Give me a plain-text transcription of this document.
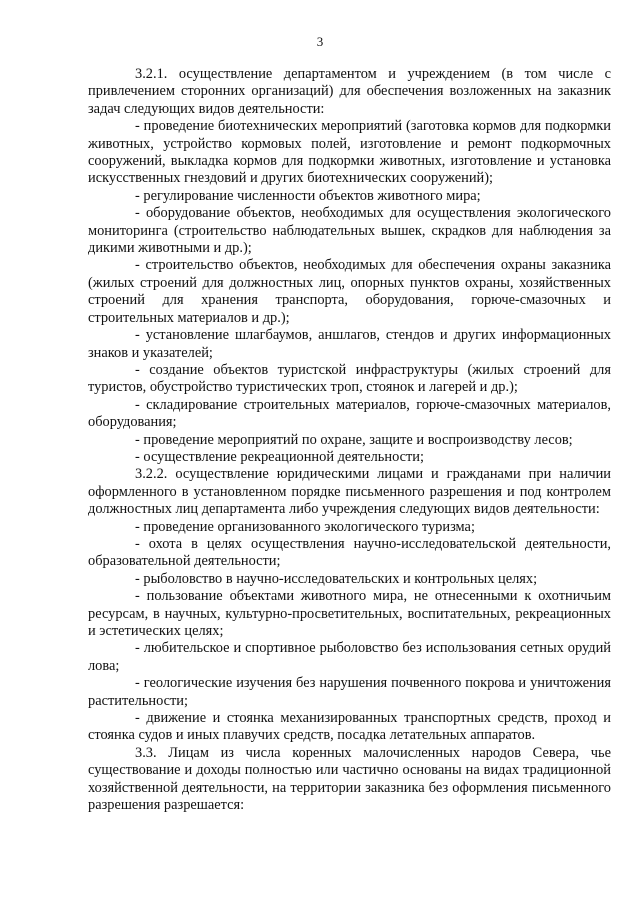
3

3.2.1. осуществление департаментом и учреждением (в том числе с привлечением сторонних организаций) для обеспечения возложенных на заказник задач следующих видов деятельности:

- проведение биотехнических мероприятий (заготовка кормов для подкормки животных, устройство кормовых полей, изготовление и ремонт подкормочных сооружений, выкладка кормов для подкормки животных, изготовление и установка искусственных гнездовий и других биотехнических сооружений);

- регулирование численности объектов животного мира;

- оборудование объектов, необходимых для осуществления экологического мониторинга (строительство наблюдательных вышек, скрадков для наблюдения за дикими животными и др.);

- строительство объектов, необходимых для обеспечения охраны заказника (жилых строений для должностных лиц, опорных пунктов охраны, хозяйственных строений для хранения транспорта, оборудования, горюче-смазочных и строительных материалов и др.);

- установление шлагбаумов, аншлагов, стендов и других информационных знаков и указателей;

- создание объектов туристской инфраструктуры (жилых строений для туристов, обустройство туристических троп, стоянок и лагерей и др.);

- складирование строительных материалов, горюче-смазочных материалов, оборудования;

- проведение мероприятий по охране, защите и воспроизводству лесов;

- осуществление рекреационной деятельности;

3.2.2. осуществление юридическими лицами и гражданами при наличии оформленного в установленном порядке письменного разрешения и под контролем должностных лиц департамента либо учреждения следующих видов деятельности:

- проведение организованного экологического туризма;

- охота в целях осуществления научно-исследовательской деятельности, образовательной деятельности;

- рыболовство в научно-исследовательских и контрольных целях;

- пользование объектами животного мира, не отнесенными к охотничьим ресурсам, в научных, культурно-просветительных, воспитательных, рекреационных и эстетических целях;

- любительское и спортивное рыболовство без использования сетных орудий лова;

- геологические изучения без нарушения почвенного покрова и уничтожения растительности;

- движение и стоянка механизированных транспортных средств, проход и стоянка судов и иных плавучих средств, посадка летательных аппаратов.

3.3. Лицам из числа коренных малочисленных народов Севера, чье существование и доходы полностью или частично основаны на видах традиционной хозяйственной деятельности, на территории заказника без оформления письменного разрешения разрешается:
